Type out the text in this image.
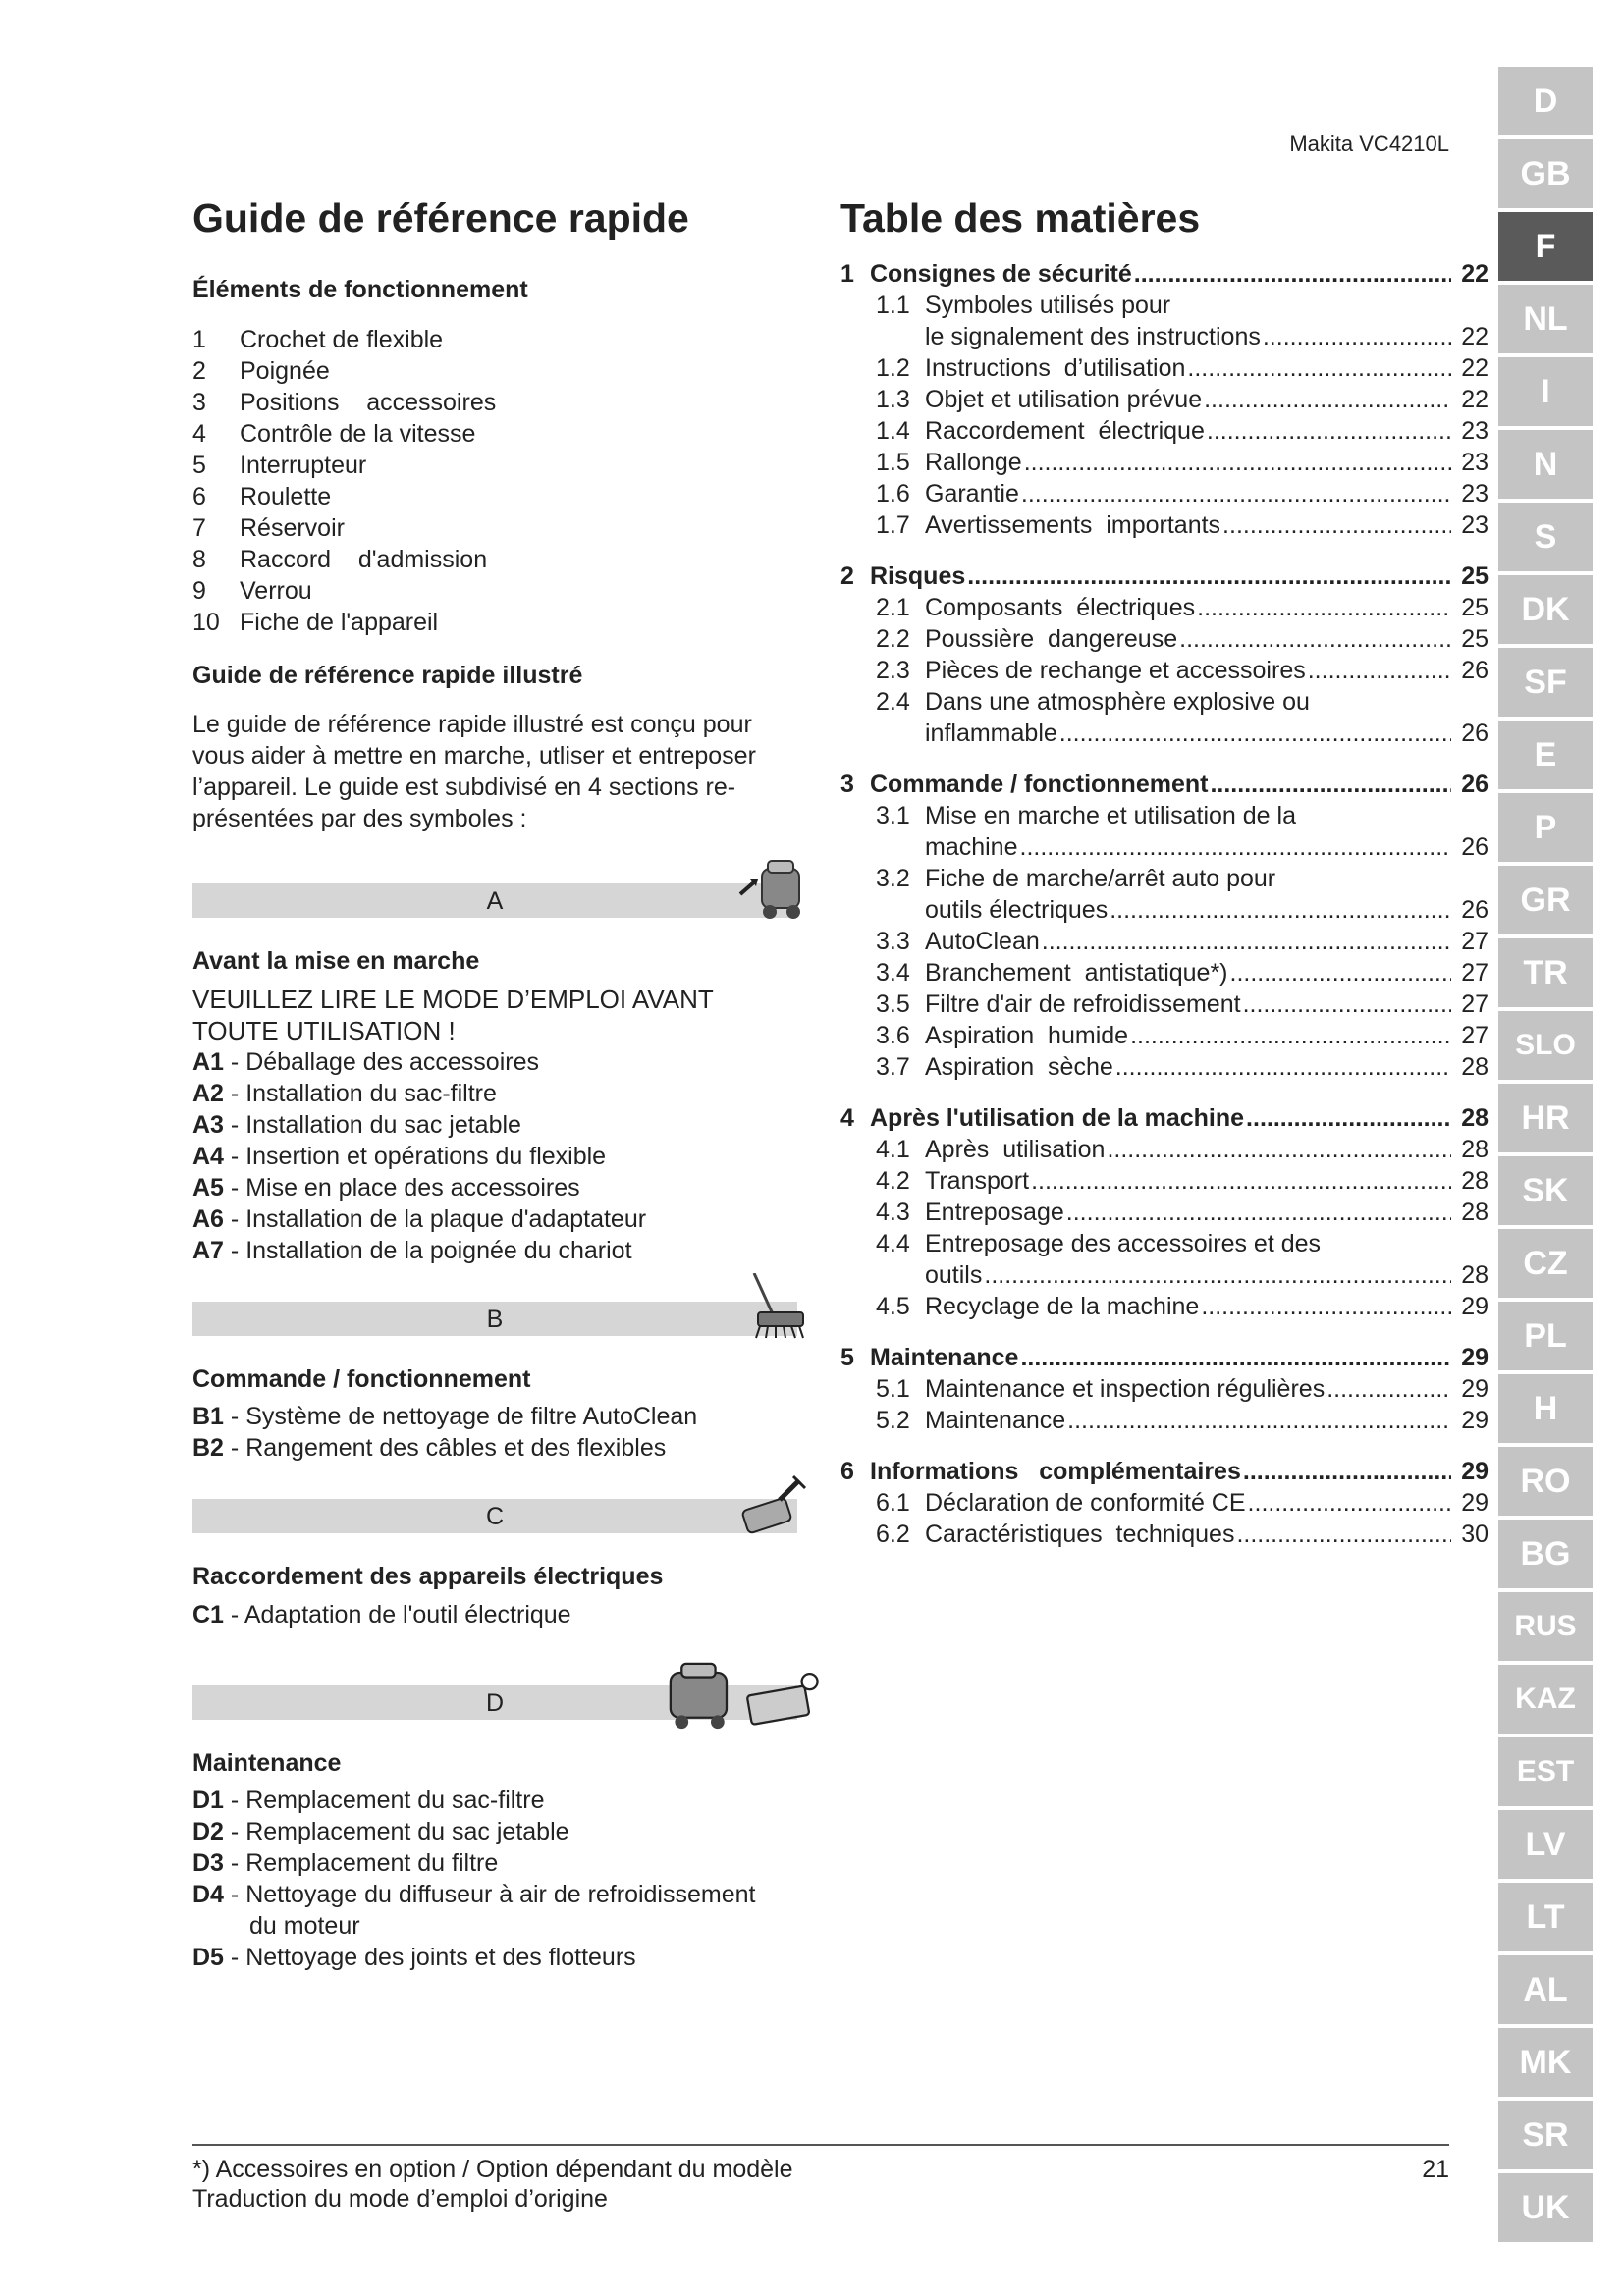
Makita VC4210L
Guide de référence rapide
Éléments de fonctionnement
1 Crochet de flexible
2 Poignée
3 Positions    accessoires
4 Contrôle de la vitesse
5 Interrupteur
6 Roulette
7 Réservoir
8 Raccord    d'admission
9 Verrou
10 Fiche de l'appareil
Guide de référence rapide illustré
Le guide de référence rapide illustré est conçu pour vous aider à mettre en marche, utliser et entreposer l’appareil. Le guide est subdivisé en 4 sections re-présentées par des symboles :
A
Avant la mise en marche
VEUILLEZ LIRE LE MODE D’EMPLOI AVANT TOUTE UTILISATION !
A1 - Déballage des accessoires
A2 - Installation du sac-filtre
A3 - Installation du sac jetable
A4 - Insertion et opérations du flexible
A5 - Mise en place des accessoires
A6 - Installation de la plaque d'adaptateur
A7 - Installation de la poignée du chariot
B
Commande / fonctionnement
B1 - Système de nettoyage de filtre AutoClean
B2 - Rangement des câbles et des flexibles
C
Raccordement des appareils électriques
C1 - Adaptation de l'outil électrique
D
Maintenance
D1 - Remplacement du sac-filtre
D2 - Remplacement du sac jetable
D3 - Remplacement du filtre
D4 - Nettoyage du diffuseur à air de refroidissement
du moteur
D5 - Nettoyage des joints et des flotteurs
Table des matières
1 Consignes de sécurité .....	22
1.1 Symboles utilisés pour
le signalement des instructions .....	22
1.2 Instructions  d’utilisation .....	22
1.3 Objet et utilisation prévue .....	22
1.4 Raccordement  électrique .....	23
1.5 Rallonge .....	23
1.6 Garantie .....	23
1.7 Avertissements  importants .....	23
2 Risques .....	25
2.1 Composants  électriques .....	25
2.2 Poussière  dangereuse .....	25
2.3 Pièces de rechange et accessoires .....	26
2.4 Dans une atmosphère explosive ou
inflammable .....	26
3 Commande / fonctionnement .....	26
3.1 Mise en marche et utilisation de la
machine .....	26
3.2 Fiche de marche/arrêt auto pour
outils électriques .....	26
3.3 AutoClean .....	27
3.4 Branchement  antistatique*) .....	27
3.5 Filtre d'air de refroidissement .....	27
3.6 Aspiration  humide .....	27
3.7 Aspiration  sèche .....	28
4 Après l'utilisation de la machine .....	28
4.1 Après  utilisation .....	28
4.2 Transport .....	28
4.3 Entreposage .....	28
4.4 Entreposage des accessoires et des
outils .....	28
4.5 Recyclage de la machine .....	29
5 Maintenance .....	29
5.1 Maintenance et inspection régulières .....	29
5.2 Maintenance .....	29
6 Informations   complémentaires .....	29
6.1 Déclaration de conformité CE .....	29
6.2 Caractéristiques  techniques .....	30
*) Accessoires en option / Option dépendant du modèle
Traduction du mode d’emploi d’origine
21
D
GB
F
NL
I
N
S
DK
SF
E
P
GR
TR
SLO
HR
SK
CZ
PL
H
RO
BG
RUS
KAZ
EST
LV
LT
AL
MK
SR
UK
